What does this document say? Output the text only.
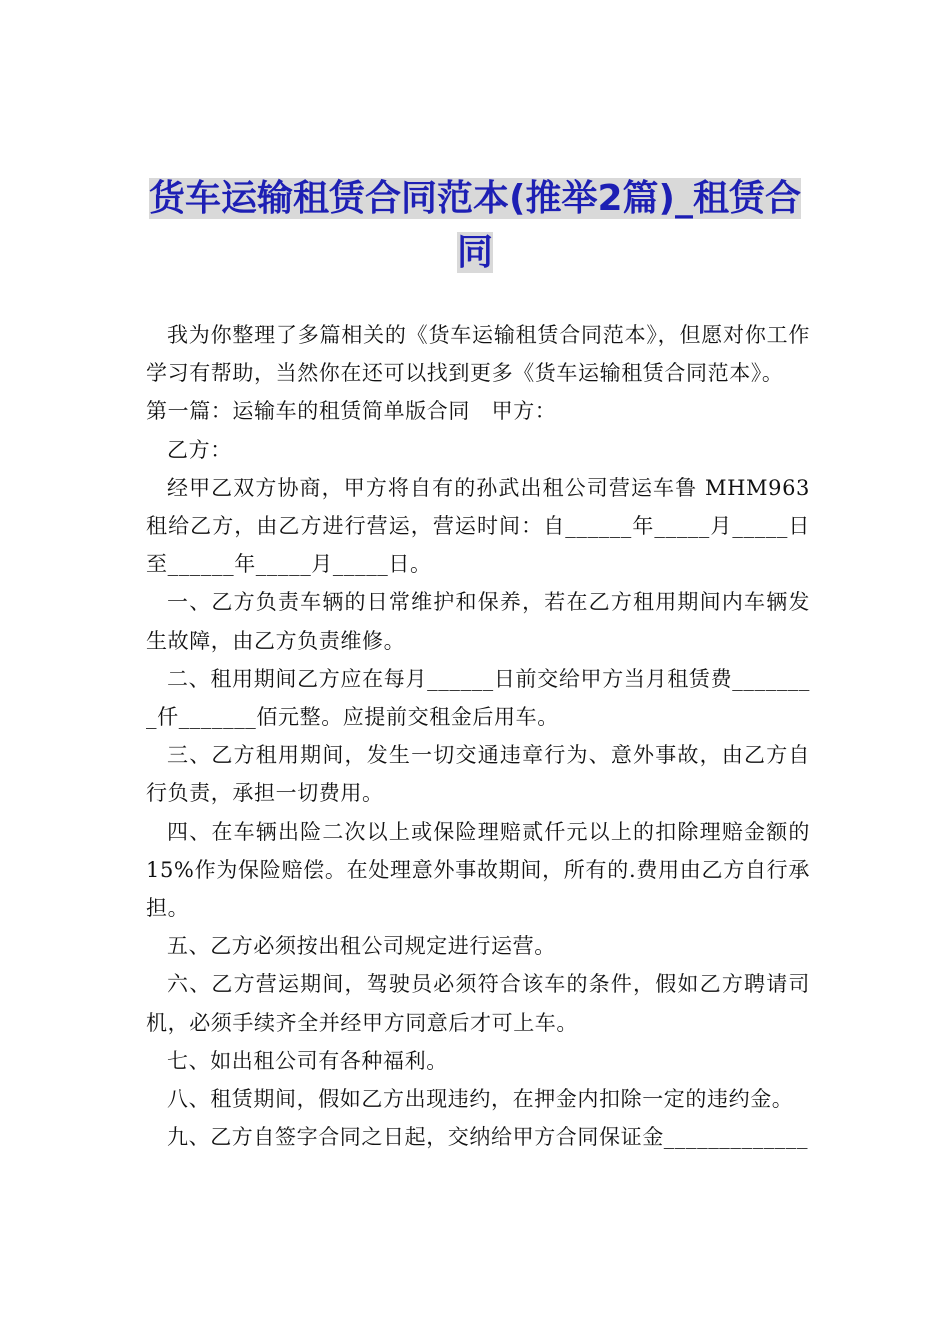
货车运输租赁合同范本(推举2篇)_租赁合同

我为你整理了多篇相关的《货车运输租赁合同范本》，但愿对你工作学习有帮助，当然你在还可以找到更多《货车运输租赁合同范本》。

第一篇：运输车的租赁简单版合同　甲方：

乙方：

经甲乙双方协商，甲方将自有的孙武出租公司营运车鲁 MHM963 租给乙方，由乙方进行营运，营运时间：自______年_____月_____日至______年_____月_____日。

一、乙方负责车辆的日常维护和保养，若在乙方租用期间内车辆发生故障，由乙方负责维修。

二、租用期间乙方应在每月______日前交给甲方当月租赁费________仟_______佰元整。应提前交租金后用车。

三、乙方租用期间，发生一切交通违章行为、意外事故，由乙方自行负责，承担一切费用。

四、在车辆出险二次以上或保险理赔贰仟元以上的扣除理赔金额的 15%作为保险赔偿。在处理意外事故期间，所有的.费用由乙方自行承担。

五、乙方必须按出租公司规定进行运营。

六、乙方营运期间，驾驶员必须符合该车的条件，假如乙方聘请司机，必须手续齐全并经甲方同意后才可上车。

七、如出租公司有各种福利。

八、租赁期间，假如乙方出现违约，在押金内扣除一定的违约金。

九、乙方自签字合同之日起，交纳给甲方合同保证金_____________
